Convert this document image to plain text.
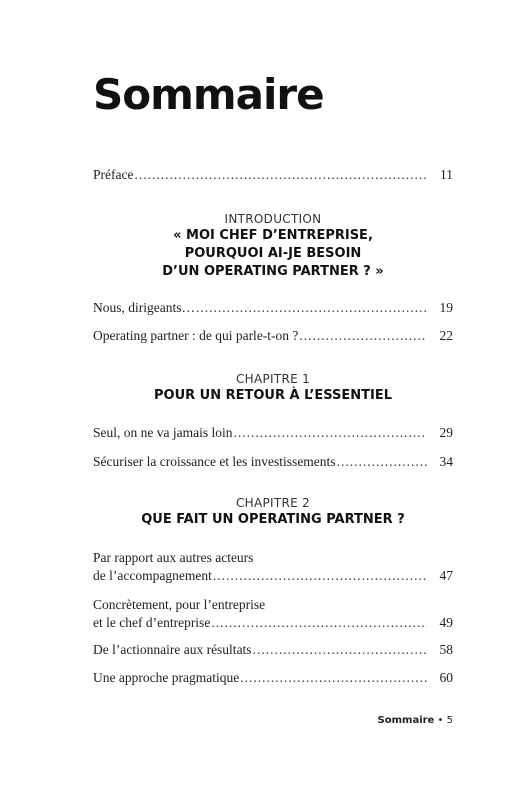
Sommaire
Préface .....	11
INTRODUCTION
« MOI CHEF D’ENTREPRISE,
POURQUOI AI-JE BESOIN
D’UN OPERATING PARTNER ? »
Nous, dirigeants… .....	19
Operating partner : de qui parle-t-on ? .....	22
CHAPITRE 1
POUR UN RETOUR À L’ESSENTIEL
Seul, on ne va jamais loin .....	29
Sécuriser la croissance et les investissements .....	34
CHAPITRE 2
QUE FAIT UN OPERATING PARTNER ?
Par rapport aux autres acteurs
de l’accompagnement .....	47
Concrètement, pour l’entreprise
et le chef d’entreprise .....	49
De l’actionnaire aux résultats .....	58
Une approche pragmatique .....	60
Sommaire • 5
